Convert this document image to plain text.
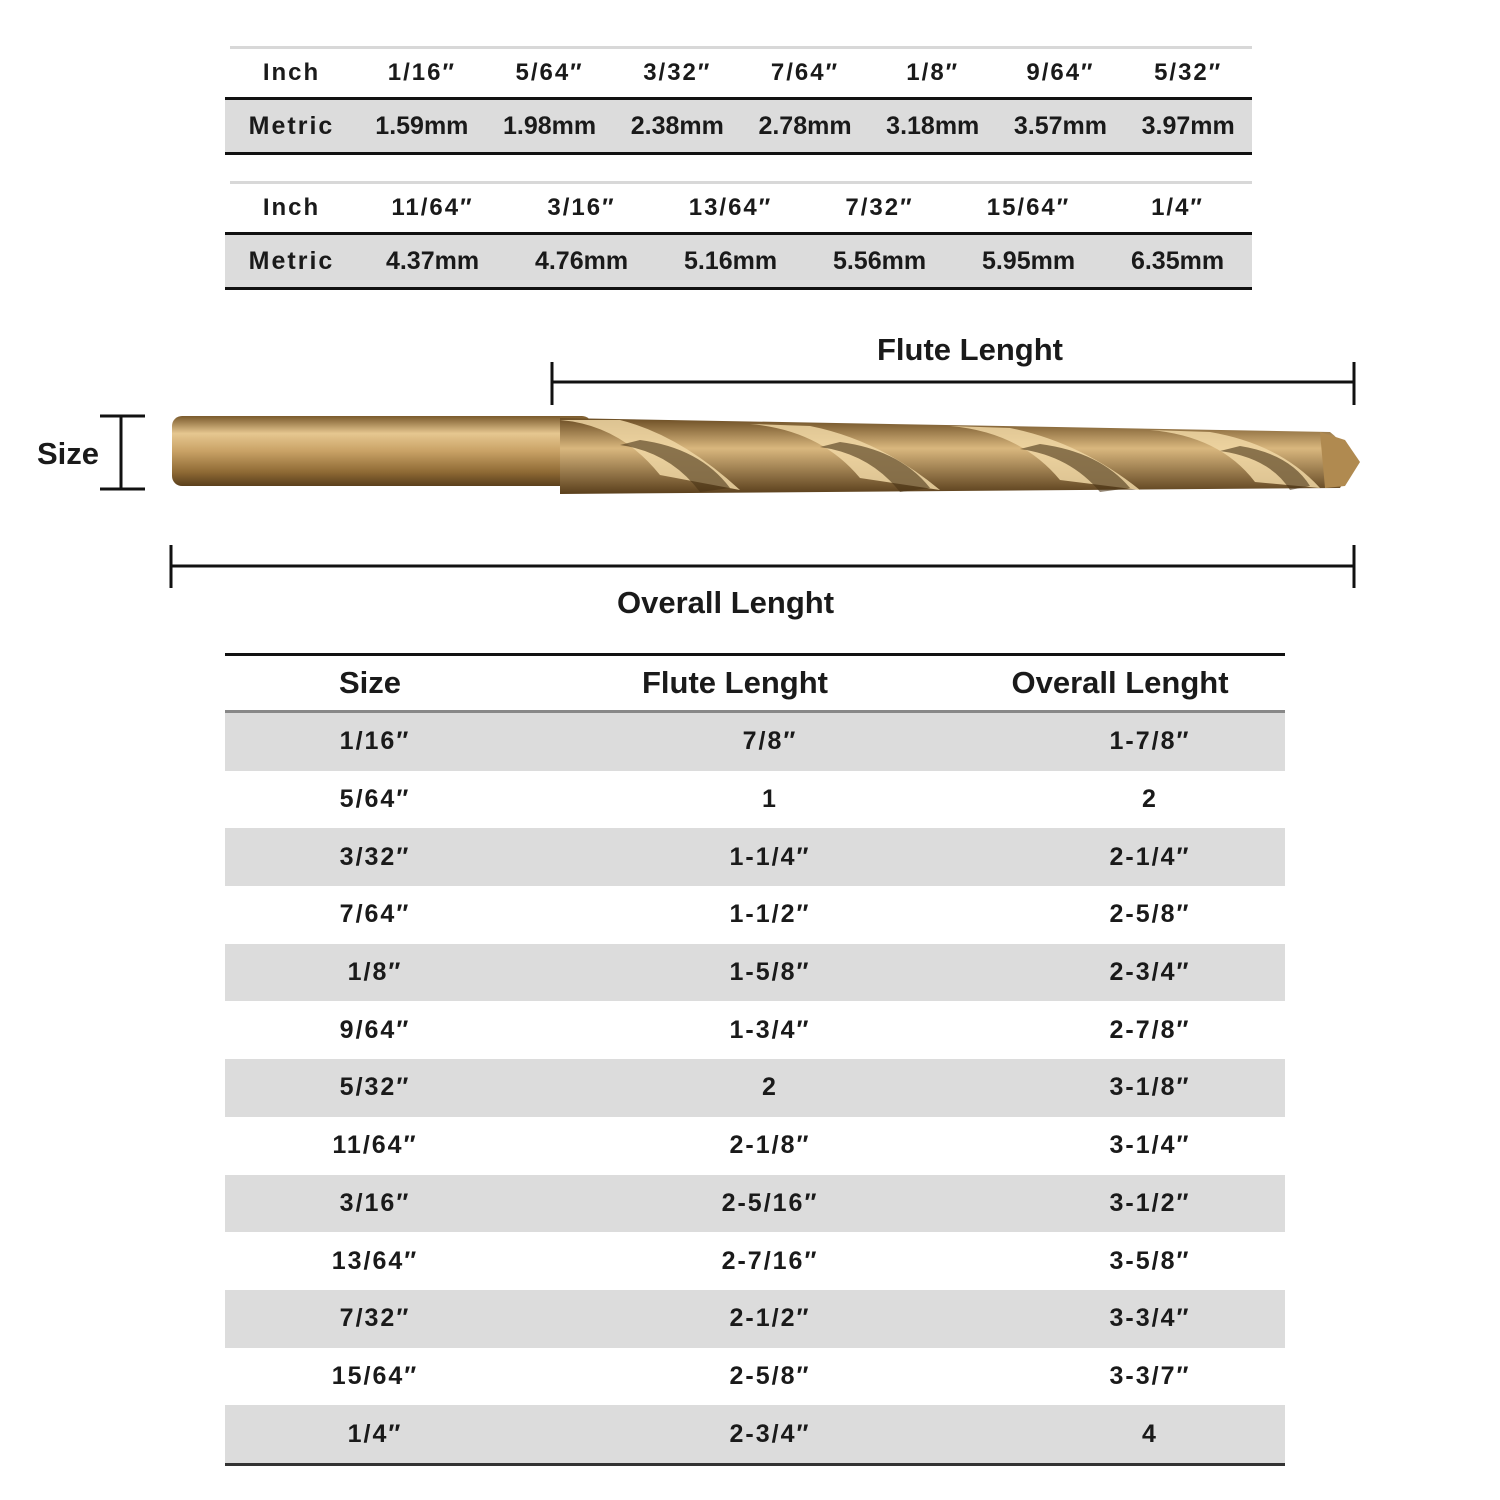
Inch	1/16″	5/64″	3/32″	7/64″	1/8″	9/64″	5/32″
Metric	1.59mm	1.98mm	2.38mm	2.78mm	3.18mm	3.57mm	3.97mm
Inch	11/64″	3/16″	13/64″	7/32″	15/64″	1/4″
Metric	4.37mm	4.76mm	5.16mm	5.56mm	5.95mm	6.35mm
Flute Lenght
Size
Overall Lenght
Size	Flute Lenght	Overall Lenght
1/16″	7/8″	1-7/8″
5/64″	1	2
3/32″	1-1/4″	2-1/4″
7/64″	1-1/2″	2-5/8″
1/8″	1-5/8″	2-3/4″
9/64″	1-3/4″	2-7/8″
5/32″	2	3-1/8″
11/64″	2-1/8″	3-1/4″
3/16″	2-5/16″	3-1/2″
13/64″	2-7/16″	3-5/8″
7/32″	2-1/2″	3-3/4″
15/64″	2-5/8″	3-3/7″
1/4″	2-3/4″	4
